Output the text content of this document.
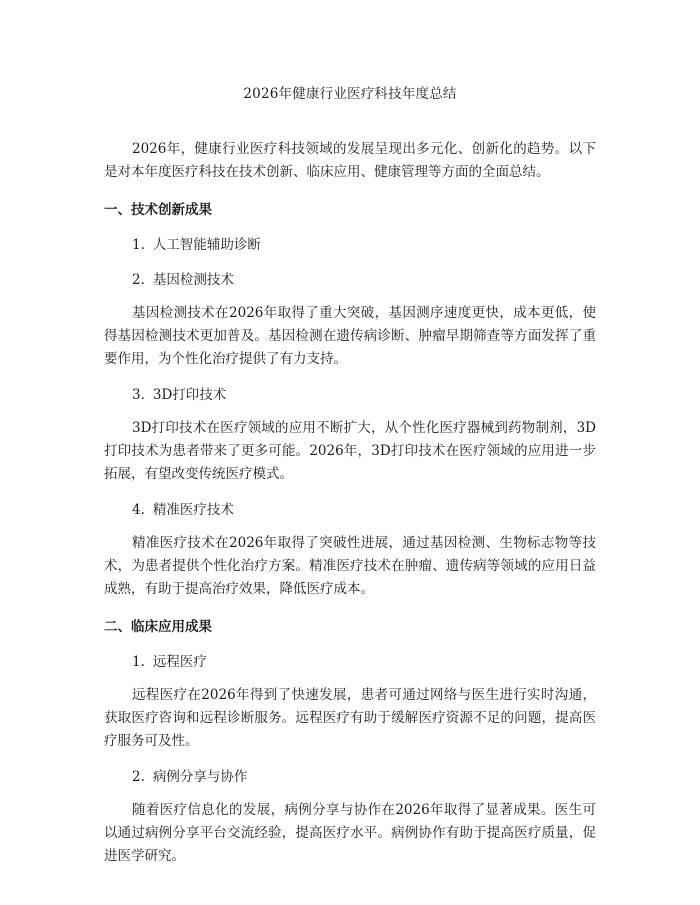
2026年健康行业医疗科技年度总结

2026年，健康行业医疗科技领域的发展呈现出多元化、创新化的趋势。以下是对本年度医疗科技在技术创新、临床应用、健康管理等方面的全面总结。

一、技术创新成果
1. 人工智能辅助诊断
2. 基因检测技术

基因检测技术在2026年取得了重大突破，基因测序速度更快，成本更低，使得基因检测技术更加普及。基因检测在遗传病诊断、肿瘤早期筛查等方面发挥了重要作用，为个性化治疗提供了有力支持。

3. 3D打印技术

3D打印技术在医疗领域的应用不断扩大，从个性化医疗器械到药物制剂，3D打印技术为患者带来了更多可能。2026年，3D打印技术在医疗领域的应用进一步拓展，有望改变传统医疗模式。

4. 精准医疗技术

精准医疗技术在2026年取得了突破性进展，通过基因检测、生物标志物等技术，为患者提供个性化治疗方案。精准医疗技术在肿瘤、遗传病等领域的应用日益成熟，有助于提高治疗效果，降低医疗成本。

二、临床应用成果
1. 远程医疗

远程医疗在2026年得到了快速发展，患者可通过网络与医生进行实时沟通，获取医疗咨询和远程诊断服务。远程医疗有助于缓解医疗资源不足的问题，提高医疗服务可及性。

2. 病例分享与协作

随着医疗信息化的发展，病例分享与协作在2026年取得了显著成果。医生可以通过病例分享平台交流经验，提高医疗水平。病例协作有助于提高医疗质量，促进医学研究。
